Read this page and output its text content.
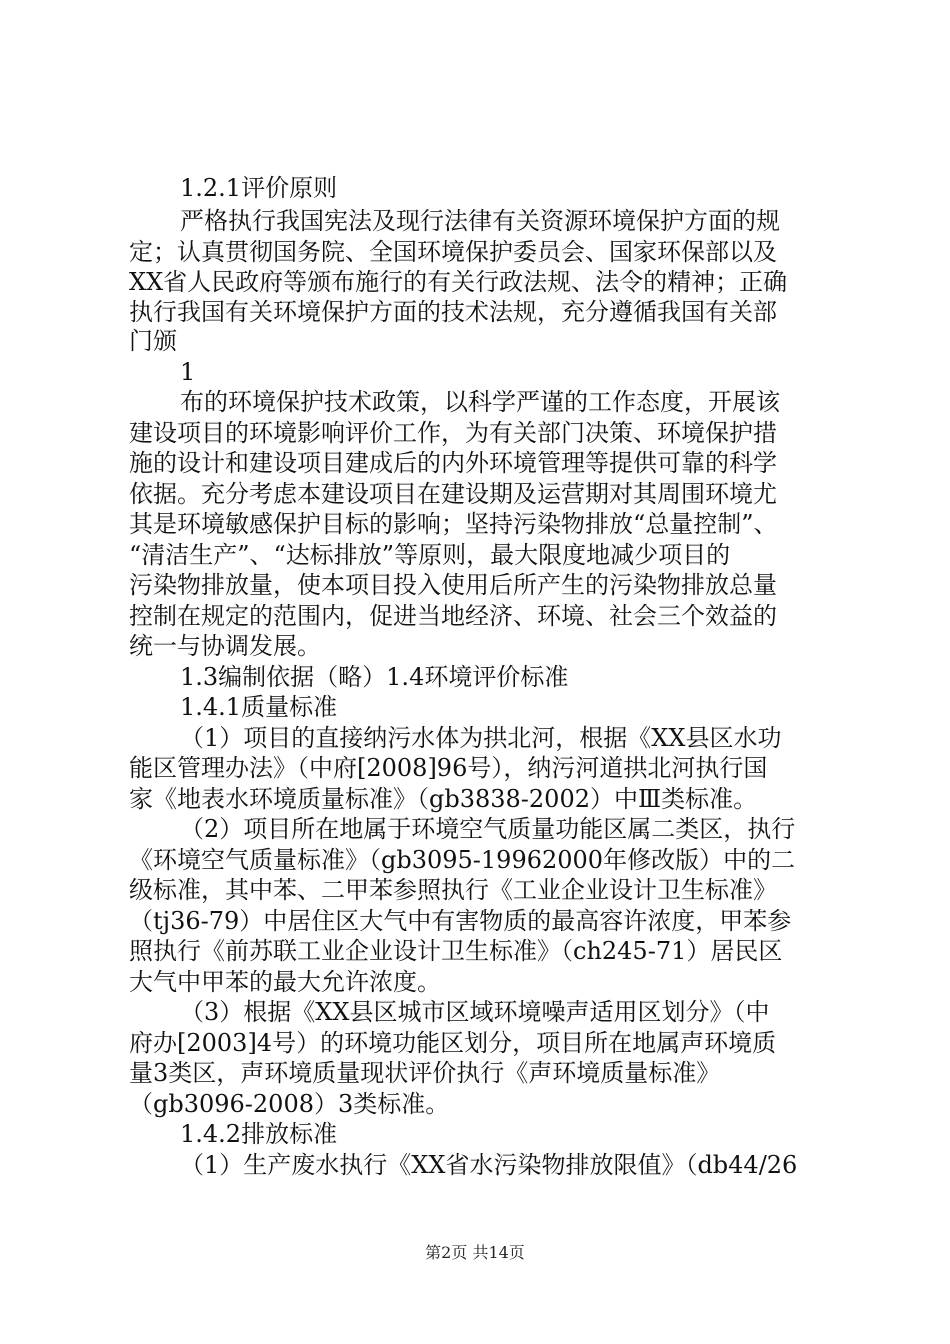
1.2.1评价原则
严格执行我国宪法及现行法律有关资源环境保护方面的规
定；认真贯彻国务院、全国环境保护委员会、国家环保部以及
XX省人民政府等颁布施行的有关行政法规、法令的精神；正确
执行我国有关环境保护方面的技术法规，充分遵循我国有关部
门颁
1
布的环境保护技术政策，以科学严谨的工作态度，开展该
建设项目的环境影响评价工作，为有关部门决策、环境保护措
施的设计和建设项目建成后的内外环境管理等提供可靠的科学
依据。充分考虑本建设项目在建设期及运营期对其周围环境尤
其是环境敏感保护目标的影响；坚持污染物排放“总量控制”、
“清洁生产”、“达标排放”等原则，最大限度地减少项目的
污染物排放量，使本项目投入使用后所产生的污染物排放总量
控制在规定的范围内，促进当地经济、环境、社会三个效益的
统一与协调发展。
1.3编制依据（略）1.4环境评价标准
1.4.1质量标准
（1）项目的直接纳污水体为拱北河，根据《XX县区水功
能区管理办法》（中府[2008]96号），纳污河道拱北河执行国
家《地表水环境质量标准》（gb3838-2002）中Ⅲ类标准。
（2）项目所在地属于环境空气质量功能区属二类区，执行
《环境空气质量标准》（gb3095-19962000年修改版）中的二
级标准，其中苯、二甲苯参照执行《工业企业设计卫生标准》
（tj36-79）中居住区大气中有害物质的最高容许浓度，甲苯参
照执行《前苏联工业企业设计卫生标准》（ch245-71）居民区
大气中甲苯的最大允许浓度。
（3）根据《XX县区城市区域环境噪声适用区划分》（中
府办[2003]4号）的环境功能区划分，项目所在地属声环境质
量3类区，声环境质量现状评价执行《声环境质量标准》
（gb3096-2008）3类标准。
1.4.2排放标准
（1）生产废水执行《XX省水污染物排放限值》（db44/26
第2页 共14页
